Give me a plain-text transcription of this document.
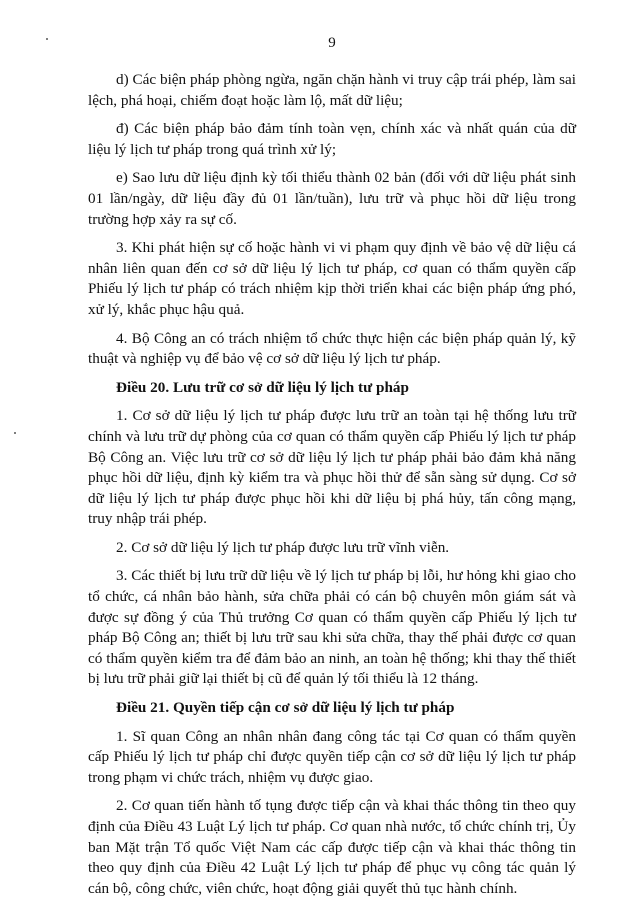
9

d) Các biện pháp phòng ngừa, ngăn chặn hành vi truy cập trái phép, làm sai lệch, phá hoại, chiếm đoạt hoặc làm lộ, mất dữ liệu;

đ) Các biện pháp bảo đảm tính toàn vẹn, chính xác và nhất quán của dữ liệu lý lịch tư pháp trong quá trình xử lý;

e) Sao lưu dữ liệu định kỳ tối thiểu thành 02 bản (đối với dữ liệu phát sinh 01 lần/ngày, dữ liệu đầy đủ 01 lần/tuần), lưu trữ và phục hồi dữ liệu trong trường hợp xảy ra sự cố.

3. Khi phát hiện sự cố hoặc hành vi vi phạm quy định về bảo vệ dữ liệu cá nhân liên quan đến cơ sở dữ liệu lý lịch tư pháp, cơ quan có thẩm quyền cấp Phiếu lý lịch tư pháp có trách nhiệm kịp thời triển khai các biện pháp ứng phó, xử lý, khắc phục hậu quả.

4. Bộ Công an có trách nhiệm tổ chức thực hiện các biện pháp quản lý, kỹ thuật và nghiệp vụ để bảo vệ cơ sở dữ liệu lý lịch tư pháp.

Điều 20. Lưu trữ cơ sở dữ liệu lý lịch tư pháp

1. Cơ sở dữ liệu lý lịch tư pháp được lưu trữ an toàn tại hệ thống lưu trữ chính và lưu trữ dự phòng của cơ quan có thẩm quyền cấp Phiếu lý lịch tư pháp Bộ Công an. Việc lưu trữ cơ sở dữ liệu lý lịch tư pháp phải bảo đảm khả năng phục hồi dữ liệu, định kỳ kiểm tra và phục hồi thử để sẵn sàng sử dụng. Cơ sở dữ liệu lý lịch tư pháp được phục hồi khi dữ liệu bị phá hủy, tấn công mạng, truy nhập trái phép.

2. Cơ sở dữ liệu lý lịch tư pháp được lưu trữ vĩnh viễn.

3. Các thiết bị lưu trữ dữ liệu về lý lịch tư pháp bị lỗi, hư hỏng khi giao cho tổ chức, cá nhân bảo hành, sửa chữa phải có cán bộ chuyên môn giám sát và được sự đồng ý của Thủ trưởng Cơ quan có thẩm quyền cấp Phiếu lý lịch tư pháp Bộ Công an; thiết bị lưu trữ sau khi sửa chữa, thay thế phải được cơ quan có thẩm quyền kiểm tra để đảm bảo an ninh, an toàn hệ thống; khi thay thế thiết bị lưu trữ phải giữ lại thiết bị cũ để quản lý tối thiểu là 12 tháng.

Điều 21. Quyền tiếp cận cơ sở dữ liệu lý lịch tư pháp

1. Sĩ quan Công an nhân nhân đang công tác tại Cơ quan có thẩm quyền cấp Phiếu lý lịch tư pháp chỉ được quyền tiếp cận cơ sở dữ liệu lý lịch tư pháp trong phạm vi chức trách, nhiệm vụ được giao.

2. Cơ quan tiến hành tố tụng được tiếp cận và khai thác thông tin theo quy định của Điều 43 Luật Lý lịch tư pháp. Cơ quan nhà nước, tổ chức chính trị, Ủy ban Mặt trận Tổ quốc Việt Nam các cấp được tiếp cận và khai thác thông tin theo quy định của Điều 42 Luật Lý lịch tư pháp để phục vụ công tác quản lý cán bộ, công chức, viên chức, hoạt động giải quyết thủ tục hành chính.
